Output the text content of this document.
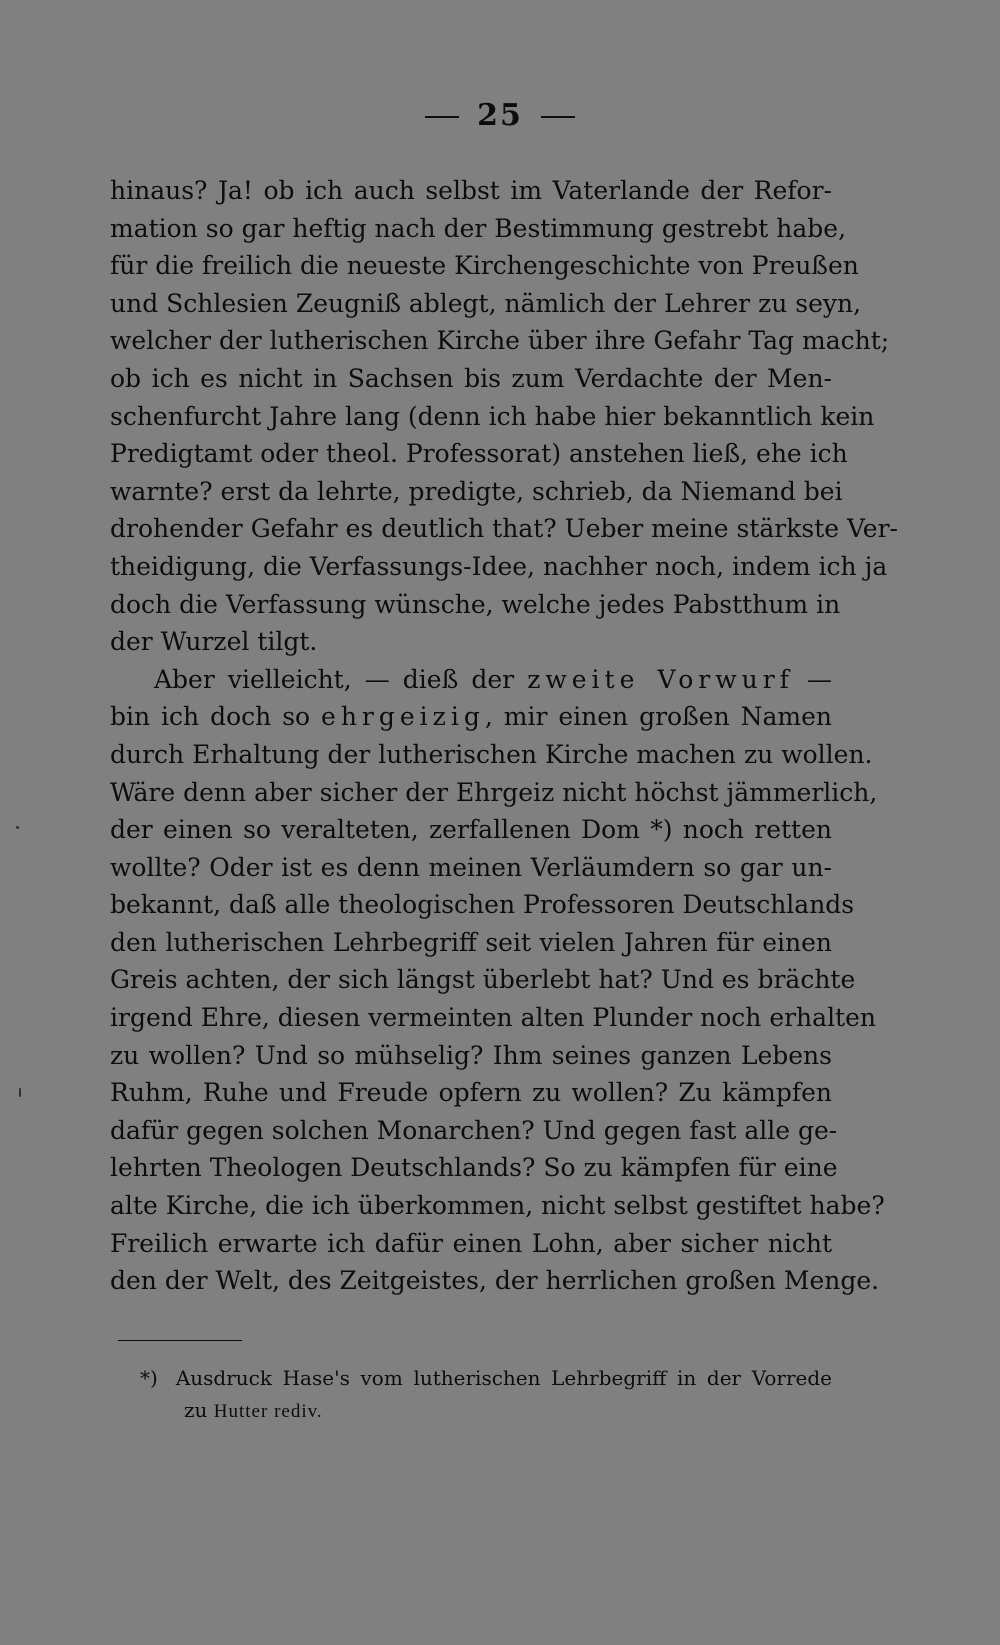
25
hinaus? Ja! ob ich auch selbst im Vaterlande der Refor-
mation so gar heftig nach der Bestimmung gestrebt habe,
für die freilich die neueste Kirchengeschichte von Preußen
und Schlesien Zeugniß ablegt, nämlich der Lehrer zu seyn,
welcher der lutherischen Kirche über ihre Gefahr Tag macht;
ob ich es nicht in Sachsen bis zum Verdachte der Men-
schenfurcht Jahre lang (denn ich habe hier bekanntlich kein
Predigtamt oder theol. Professorat) anstehen ließ, ehe ich
warnte? erst da lehrte, predigte, schrieb, da Niemand bei
drohender Gefahr es deutlich that? Ueber meine stärkste Ver-
theidigung, die Verfassungs-Idee, nachher noch, indem ich ja
doch die Verfassung wünsche, welche jedes Pabstthum in
der Wurzel tilgt.
Aber vielleicht, — dieß der zweite Vorwurf —
bin ich doch so ehrgeizig, mir einen großen Namen
durch Erhaltung der lutherischen Kirche machen zu wollen.
Wäre denn aber sicher der Ehrgeiz nicht höchst jämmerlich,
der einen so veralteten, zerfallenen Dom *) noch retten
wollte? Oder ist es denn meinen Verläumdern so gar un-
bekannt, daß alle theologischen Professoren Deutschlands
den lutherischen Lehrbegriff seit vielen Jahren für einen
Greis achten, der sich längst überlebt hat? Und es brächte
irgend Ehre, diesen vermeinten alten Plunder noch erhalten
zu wollen? Und so mühselig? Ihm seines ganzen Lebens
Ruhm, Ruhe und Freude opfern zu wollen? Zu kämpfen
dafür gegen solchen Monarchen? Und gegen fast alle ge-
lehrten Theologen Deutschlands? So zu kämpfen für eine
alte Kirche, die ich überkommen, nicht selbst gestiftet habe?
Freilich erwarte ich dafür einen Lohn, aber sicher nicht
den der Welt, des Zeitgeistes, der herrlichen großen Menge.
*) Ausdruck Hase's vom lutherischen Lehrbegriff in der Vorrede
zu Hutter rediv.
